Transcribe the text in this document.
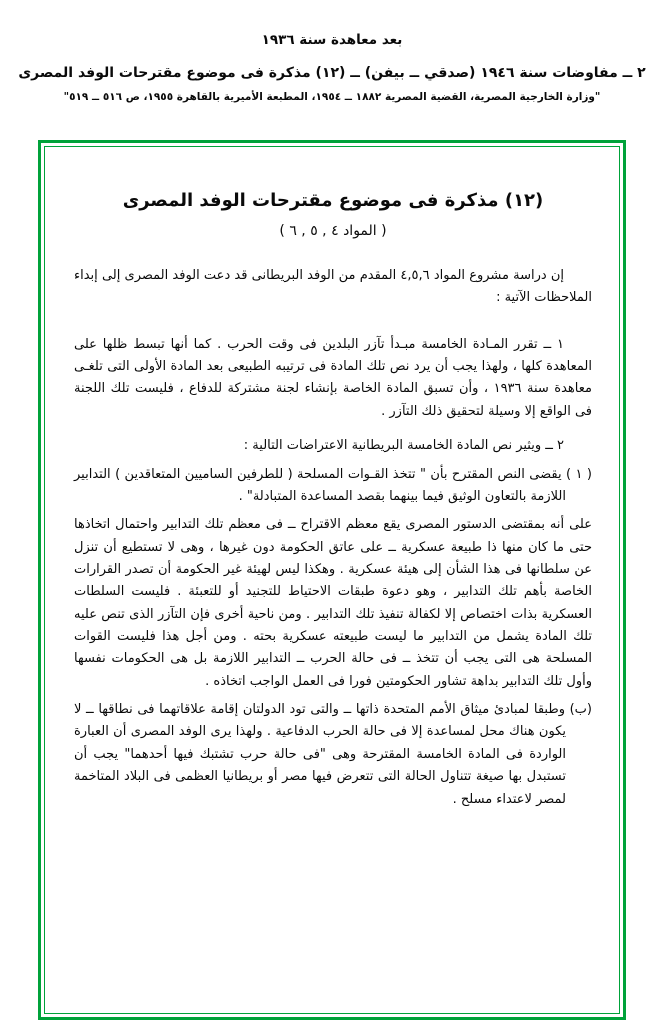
بعد معاهدة سنة ١٩٣٦
٢ ــ مفاوضات سنة ١٩٤٦ (صدقي ــ بيفن) ــ (١٢) مذكرة فى موضوع مقترحات الوفد المصرى
"وزارة الخارجية المصرية، القضية المصرية ١٨٨٢ ــ ١٩٥٤، المطبعة الأميرية بالقاهرة ١٩٥٥، ص ٥١٦ ــ ٥١٩"
(١٢) مذكرة فى موضوع مقترحات الوفد المصرى
( المواد ٤ , ٥ , ٦ )

إن دراسة مشروع المواد ٤,٥,٦ المقدم من الوفد البريطانى قد دعت الوفد المصرى إلى إبداء الملاحظات الآتية :

١ ــ تقرر المـادة الخامسة مبـدأ تآزر البلدين فى وقت الحرب . كما أنها تبسط ظلها على المعاهدة كلها ، ولهذا يجب أن يرد نص تلك المادة فى ترتيبه الطبيعى بعد المادة الأولى التى تلغـى معاهدة سنة ١٩٣٦ ، وأن تسبق المادة الخاصة بإنشاء لجنة مشتركة للدفاع ، فليست تلك اللجنة فى الواقع إلا وسيلة لتحقيق ذلك التآزر .

٢ ــ ويثير نص المادة الخامسة البريطانية الاعتراضات التالية :

( ١ ) يقضى النص المقترح بأن " تتخذ القـوات المسلحة ( للطرفين الساميين المتعاقدين ) التدابير اللازمة بالتعاون الوثيق فيما بينهما بقصد المساعدة المتبادلة" .

على أنه بمقتضى الدستور المصرى يقع معظم الاقتراح ــ فى معظم تلك التدابير واحتمال اتخاذها حتى ما كان منها ذا طبيعة عسكرية ــ على عاتق الحكومة دون غيرها ، وهى لا تستطيع أن تنزل عن سلطانها فى هذا الشأن إلى هيئة عسكرية . وهكذا ليس لهيئة غير الحكومة أن تصدر القرارات الخاصة بأهم تلك التدابير ، وهو دعوة طبقات الاحتياط للتجنيد أو للتعبئة . فليست السلطات العسكرية بذات اختصاص إلا لكفالة تنفيذ تلك التدابير . ومن ناحية أخرى فإن التآزر الذى تنص عليه تلك المادة يشمل من التدابير ما ليست طبيعته عسكرية بحته . ومن أجل هذا فليست القوات المسلحة هى التى يجب أن تتخذ ــ فى حالة الحرب ــ التدابير اللازمة بل هى الحكومات نفسها وأول تلك التدابير بداهة تشاور الحكومتين فورا فى العمل الواجب اتخاذه .

(ب) وطبقا لمبادئ ميثاق الأمم المتحدة ذاتها ــ والتى تود الدولتان إقامة علاقاتهما فى نطاقها ــ لا يكون هناك محل لمساعدة إلا فى حالة الحرب الدفاعية . ولهذا يرى الوفد المصرى أن العبارة الواردة فى المادة الخامسة المقترحة وهى "فى حالة حرب تشتبك فيها أحدهما" يجب أن تستبدل بها صيغة تتناول الحالة التى تتعرض فيها مصر أو بريطانيا العظمى فى البلاد المتاخمة لمصر لاعتداء مسلح .
